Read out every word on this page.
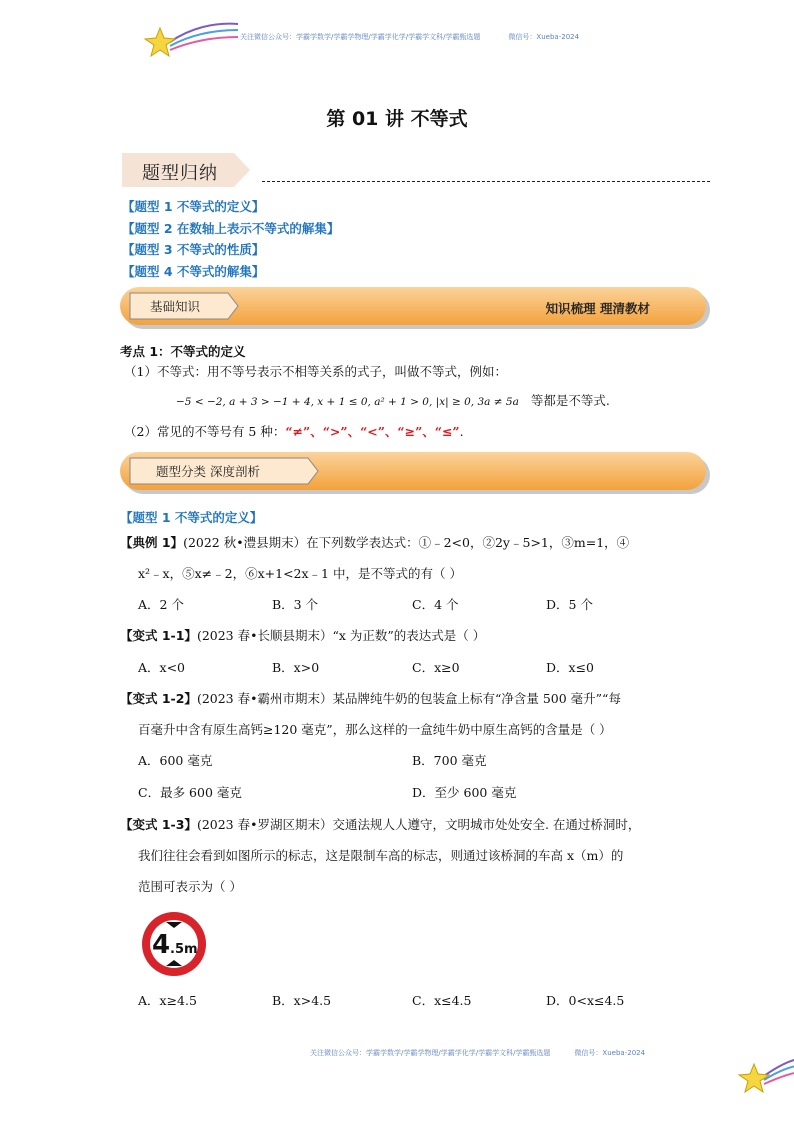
关注微信公众号：学霸学数学/学霸学物理/学霸学化学/学霸学文科/学霸甄选题	微信号：Xueba-2024
第 01 讲 不等式
题型归纳
【题型 1 不等式的定义】
【题型 2 在数轴上表示不等式的解集】
【题型 3 不等式的性质】
【题型 4 不等式的解集】
基础知识	知识梳理 理清教材
考点 1：不等式的定义
（1）不等式：用不等号表示不相等关系的式子，叫做不等式，例如：
−5 < −2, a + 3 > −1 + 4, x + 1 ≤ 0, a² + 1 > 0, |x| ≥ 0, 3a ≠ 5a 等都是不等式.
（2）常见的不等号有 5 种：“≠”、“>”、“<”、“≥”、“≤”.
题型分类 深度剖析
【题型 1 不等式的定义】
【典例 1】(2022 秋•澧县期末）在下列数学表达式：①﹣2<0，②2y﹣5>1，③m=1，④
x²﹣x，⑤x≠﹣2，⑥x+1<2x﹣1 中，是不等式的有（ ）
A．2 个	B．3 个	C．4 个	D．5 个
【变式 1-1】(2023 春•长顺县期末）“x 为正数”的表达式是（ ）
A．x<0	B．x>0	C．x≥0	D．x≤0
【变式 1-2】(2023 春•霸州市期末）某品牌纯牛奶的包装盒上标有“净含量 500 毫升”“每
百毫升中含有原生高钙≥120 毫克”，那么这样的一盒纯牛奶中原生高钙的含量是（ ）
A．600 毫克	B．700 毫克
C．最多 600 毫克	D．至少 600 毫克
【变式 1-3】(2023 春•罗湖区期末）交通法规人人遵守，文明城市处处安全. 在通过桥洞时，
我们往往会看到如图所示的标志，这是限制车高的标志，则通过该桥洞的车高 x（m）的
范围可表示为（ ）
4 .5m
A．x≥4.5	B．x>4.5	C．x≤4.5	D．0<x≤4.5
关注微信公众号：学霸学数学/学霸学物理/学霸学化学/学霸学文科/学霸甄选题	微信号：Xueba-2024
